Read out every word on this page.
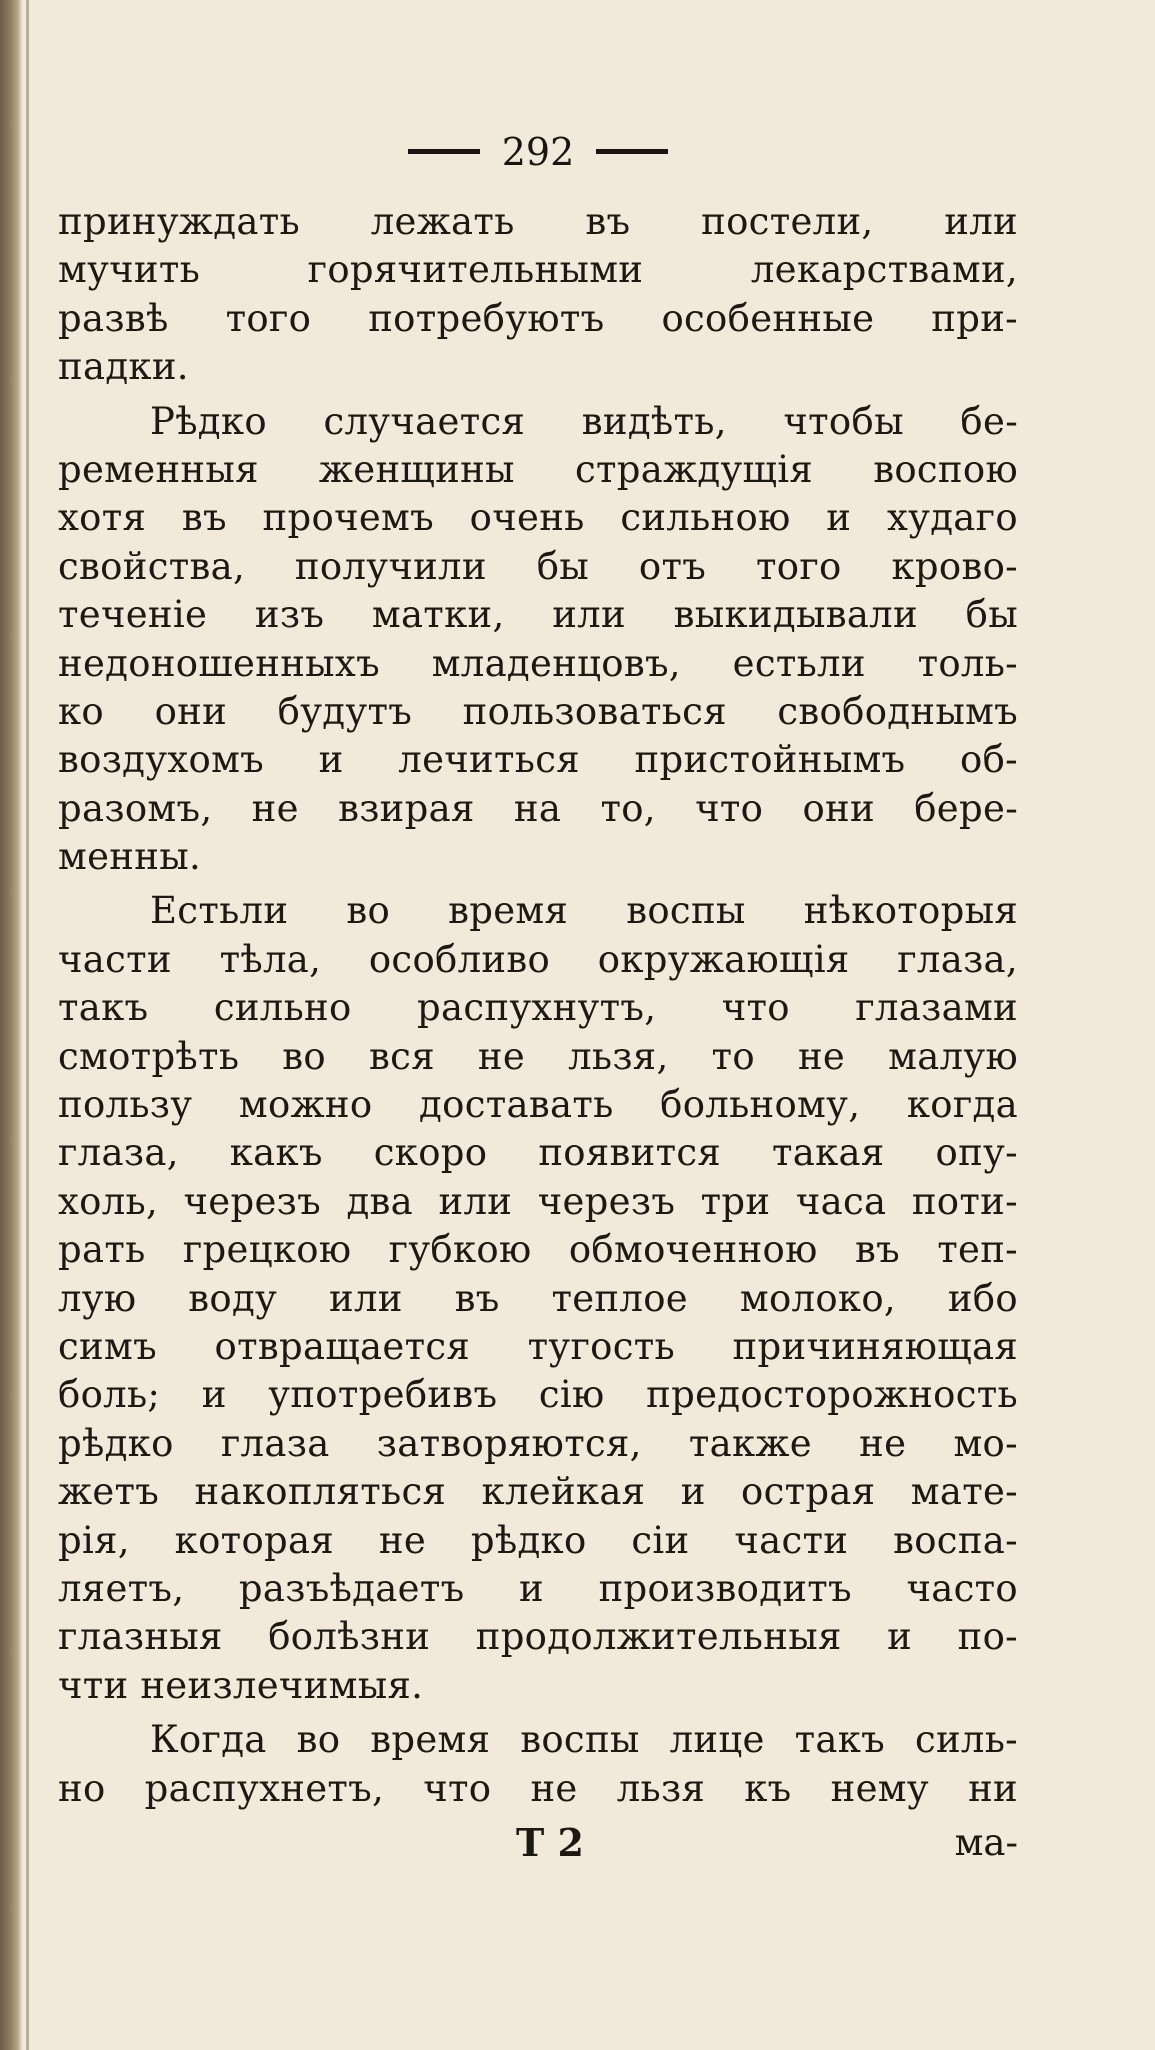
292
принуждать лежать въ постели, или
мучить	горячительными	лекарствами,
развѣ того потребуютъ особенные при-
падки.
Рѣдко случается видѣть, чтобы бе-
ременныя женщины страждущія воспою
хотя въ прочемъ очень сильною и худаго
свойства, получили бы отъ того крово-
теченіе изъ матки, или выкидывали бы
недоношенныхъ младенцовъ, естьли толь-
ко они будутъ пользоваться свободнымъ
воздухомъ и лечиться пристойнымъ об-
разомъ, не взирая на то, что они бере-
менны.
Естьли во время воспы нѣкоторыя
части тѣла, особливо окружающія глаза,
такъ сильно распухнутъ, что глазами
смотрѣть во вся не льзя, то не малую
пользу можно доставать больному, когда
глаза, какъ скоро появится такая опу-
холь, черезъ два или черезъ три часа поти-
рать грецкою губкою обмоченною въ теп-
лую воду или въ теплое молоко, ибо
симъ отвращается тугость причиняющая
боль; и употребивъ сію предосторожность
рѣдко глаза затворяются, также не мо-
жетъ накопляться клейкая и острая мате-
рія, которая не рѣдко сіи части воспа-
ляетъ, разъѣдаетъ и производитъ часто
глазныя болѣзни продолжительныя и по-
чти неизлечимыя.
Когда во время воспы лице такъ силь-
но распухнетъ, что не льзя къ нему ни
Т 2	ма-
